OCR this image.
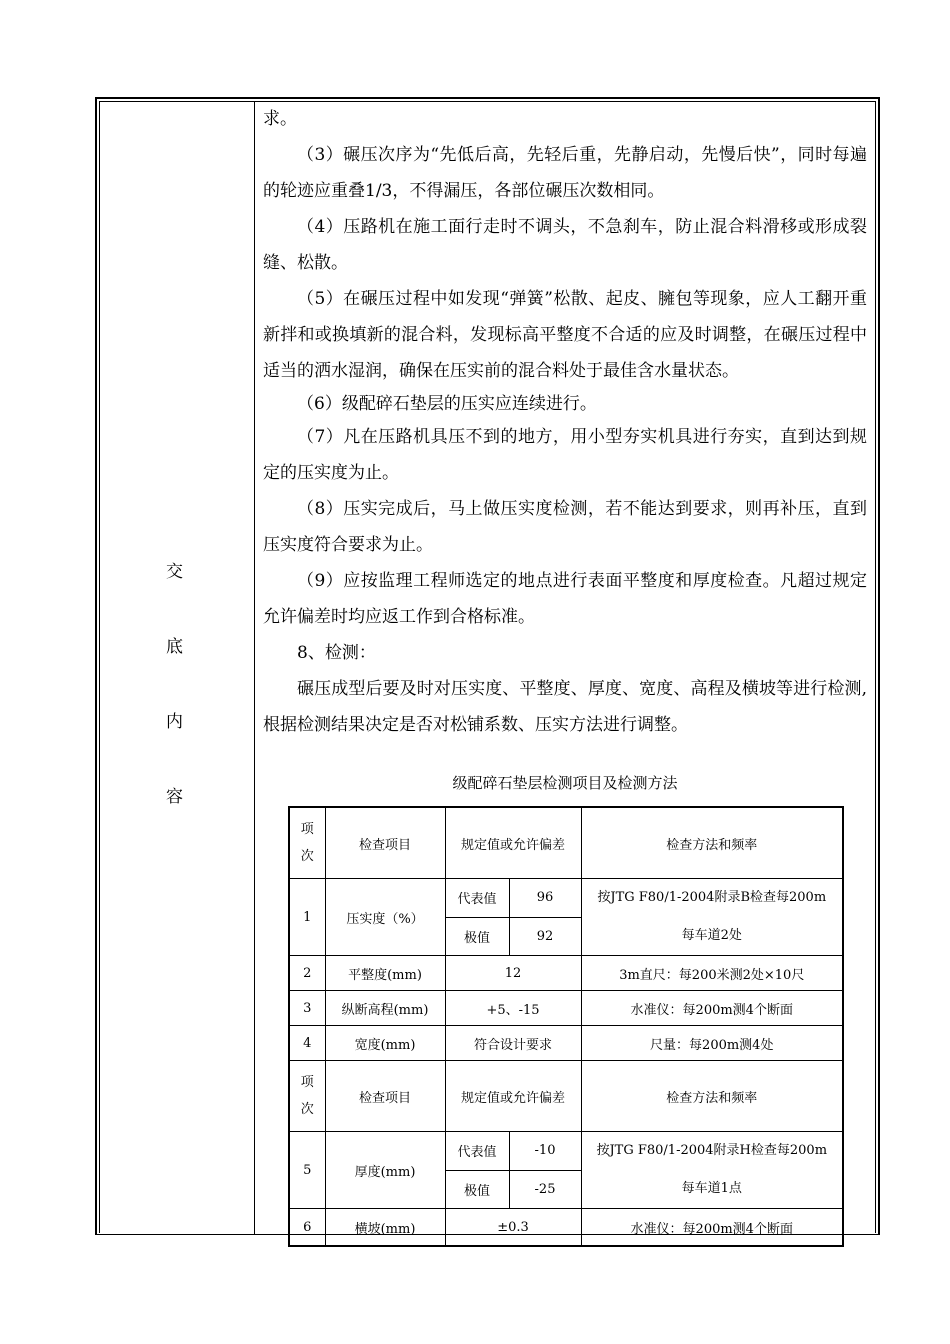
交
底
内
容

求。

（3）碾压次序为“先低后高，先轻后重，先静启动，先慢后快”，同时每遍的轮迹应重叠1/3，不得漏压，各部位碾压次数相同。

（4）压路机在施工面行走时不调头，不急刹车，防止混合料滑移或形成裂缝、松散。

（5）在碾压过程中如发现“弹簧”松散、起皮、臃包等现象，应人工翻开重新拌和或换填新的混合料，发现标高平整度不合适的应及时调整，在碾压过程中适当的洒水湿润，确保在压实前的混合料处于最佳含水量状态。

（6）级配碎石垫层的压实应连续进行。

（7）凡在压路机具压不到的地方，用小型夯实机具进行夯实，直到达到规定的压实度为止。

（8）压实完成后，马上做压实度检测，若不能达到要求，则再补压，直到压实度符合要求为止。

（9）应按监理工程师选定的地点进行表面平整度和厚度检查。凡超过规定允许偏差时均应返工作到合格标准。

8、检测：

碾压成型后要及时对压实度、平整度、厚度、宽度、高程及横坡等进行检测,根据检测结果决定是否对松铺系数、压实方法进行调整。

级配碎石垫层检测项目及检测方法
项
次	检查项目	规定值或允许偏差		检查方法和频率
1	压实度（%）	代表值	96	按JTG F80/1-2004附录B检查每200m
每车道2处

		极值	92	
2	平整度(mm)	12		3m直尺：每200米测2处×10尺
3	纵断高程(mm)	+5、-15		水准仪：每200m测4个断面
4	宽度(mm)	符合设计要求		尺量：每200m测4处

项
次	检查项目	规定值或允许偏差		检查方法和频率
5	厚度(mm)	代表值	-10	按JTG F80/1-2004附录H检查每200m
每车道1点

		极值	-25	
6	横坡(mm)	±0.3		水准仪：每200m测4个断面
